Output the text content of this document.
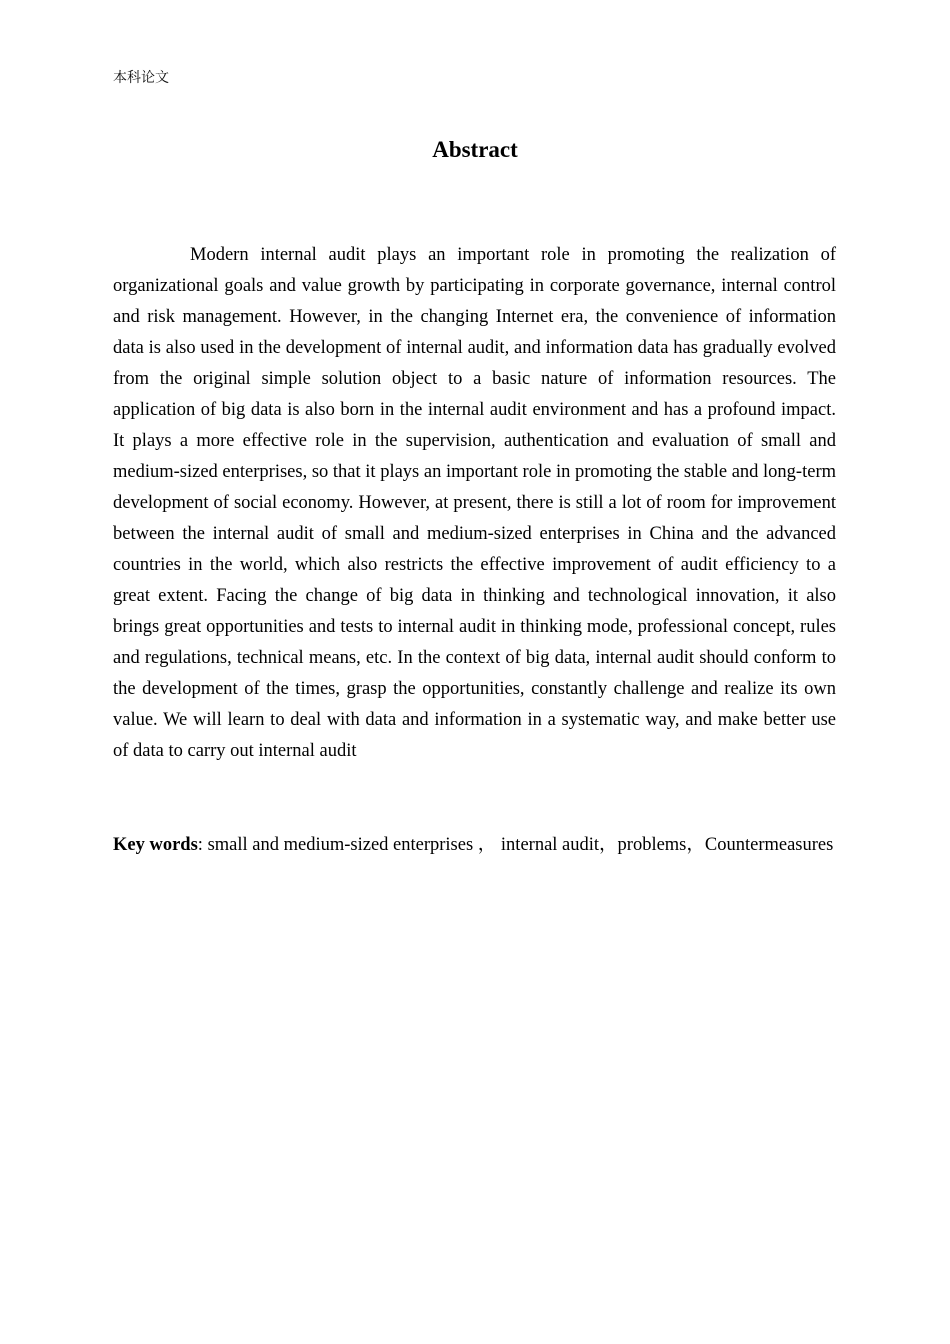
本科论文
Abstract

Modern internal audit plays an important role in promoting the realization of organizational goals and value growth by participating in corporate governance, internal control and risk management. However, in the changing Internet era, the convenience of information data is also used in the development of internal audit, and information data has gradually evolved from the original simple solution object to a basic nature of information resources. The application of big data is also born in the internal audit environment and has a profound impact. It plays a more effective role in the supervision, authentication and evaluation of small and medium-sized enterprises, so that it plays an important role in promoting the stable and long-term development of social economy. However, at present, there is still a lot of room for improvement between the internal audit of small and medium-sized enterprises in China and the advanced countries in the world, which also restricts the effective improvement of audit efficiency to a great extent. Facing the change of big data in thinking and technological innovation, it also brings great opportunities and tests to internal audit in thinking mode, professional concept, rules and regulations, technical means, etc. In the context of big data, internal audit should conform to the development of the times, grasp the opportunities, constantly challenge and realize its own value. We will learn to deal with data and information in a systematic way, and make better use of data to carry out internal audit

Key words: small and medium-sized enterprises ， internal audit，problems，Countermeasures
